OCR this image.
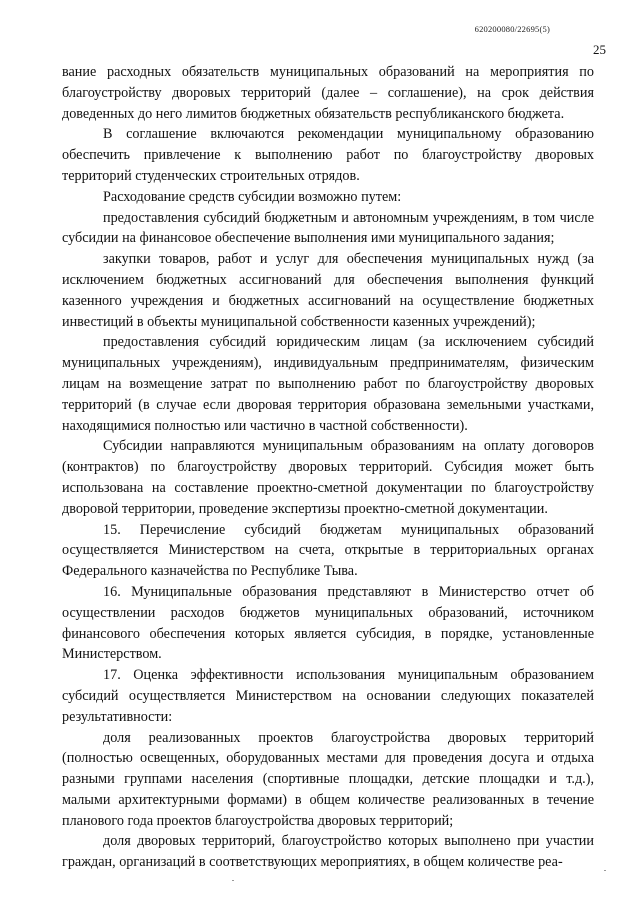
620200080/22695(5)
25

вание расходных обязательств муниципальных образований на мероприятия по благоустройству дворовых территорий (далее – соглашение), на срок действия доведенных до него лимитов бюджетных обязательств республиканского бюджета.

В соглашение включаются рекомендации муниципальному образованию обеспечить привлечение к выполнению работ по благоустройству дворовых территорий студенческих строительных отрядов.

Расходование средств субсидии возможно путем:

предоставления субсидий бюджетным и автономным учреждениям, в том числе субсидии на финансовое обеспечение выполнения ими муниципального задания;

закупки товаров, работ и услуг для обеспечения муниципальных нужд (за исключением бюджетных ассигнований для обеспечения выполнения функций казенного учреждения и бюджетных ассигнований на осуществление бюджетных инвестиций в объекты муниципальной собственности казенных учреждений);

предоставления субсидий юридическим лицам (за исключением субсидий муниципальных учреждениям), индивидуальным предпринимателям, физическим лицам на возмещение затрат по выполнению работ по благоустройству дворовых территорий (в случае если дворовая территория образована земельными участками, находящимися полностью или частично в частной собственности).

Субсидии направляются муниципальным образованиям на оплату договоров (контрактов) по благоустройству дворовых территорий. Субсидия может быть использована на составление проектно-сметной документации по благоустройству дворовой территории, проведение экспертизы проектно-сметной документации.

15. Перечисление субсидий бюджетам муниципальных образований осуществляется Министерством на счета, открытые в территориальных органах Федерального казначейства по Республике Тыва.

16. Муниципальные образования представляют в Министерство отчет об осуществлении расходов бюджетов муниципальных образований, источником финансового обеспечения которых является субсидия, в порядке, установленные Министерством.

17. Оценка эффективности использования муниципальным образованием субсидий осуществляется Министерством на основании следующих показателей результативности:

доля реализованных проектов благоустройства дворовых территорий (полностью освещенных, оборудованных местами для проведения досуга и отдыха разными группами населения (спортивные площадки, детские площадки и т.д.), малыми архитектурными формами) в общем количестве реализованных в течение планового года проектов благоустройства дворовых территорий;

доля дворовых территорий, благоустройство которых выполнено при участии граждан, организаций в соответствующих мероприятиях, в общем количестве реа-
